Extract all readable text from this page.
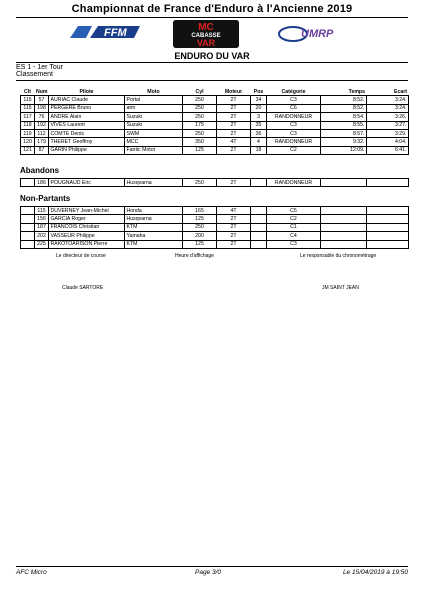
Championnat de France d'Enduro à l'Ancienne 2019
FFM	MC
CABASSE
VAR
UMRP
ENDURO DU VAR
ES 1 - 1er Tour
Classement
Clt	Num	Pilote	Moto	Cyl	Moteur	Pos	Catégorie	Temps	Ecart
115	57	AURIAC Claude	Portal	250	2T	34	C3	8:52.	3:24.
115	198	PERGERE Bruno	atm	250	2T	20	C6	8:52.	3:24.
117	76	ANDRE Alain	Suzuki	250	2T	3	RANDONNEUR	8:54.	3:26.
118	192	VIVES Laurent	Suzuki	175	2T	35	C3	8:55.	3:27.
119	112	COMTE Denis	SWM	250	2T	36	C3	8:57.	3:29.
120	179	THERET Geoffroy	MCC	350	4T	4	RANDONNEUR	9:32.	4:04.
121	87	GARIN Philippe	Fantic Motor	125	2T	18	C2	12:09.	6:41.
Abandons
	186	POUGNAUD Eric	Husqvarna	250	2T		RANDONNEUR		
Non-Partants
	115	DUVERNEY Jean-Michel	Honda	165	4T		C5		
	156	GARCIA Roger	Husqvarna	125	2T		C2		
	187	FRANCOIS Christian	KTM	250	2T		C1		
	202	VASSEUR Philippe	Yamaha	200	2T		C4		
	225	RAKOTOARISON Pierre	KTM	125	2T		C3		
Le directeur de course	Heure d'affichage	Le responsable du chronométrage
Claude SARTORE	JM SAINT JEAN
AFC Micro	Page 3/0	Le 15/04/2019 à 19:50
